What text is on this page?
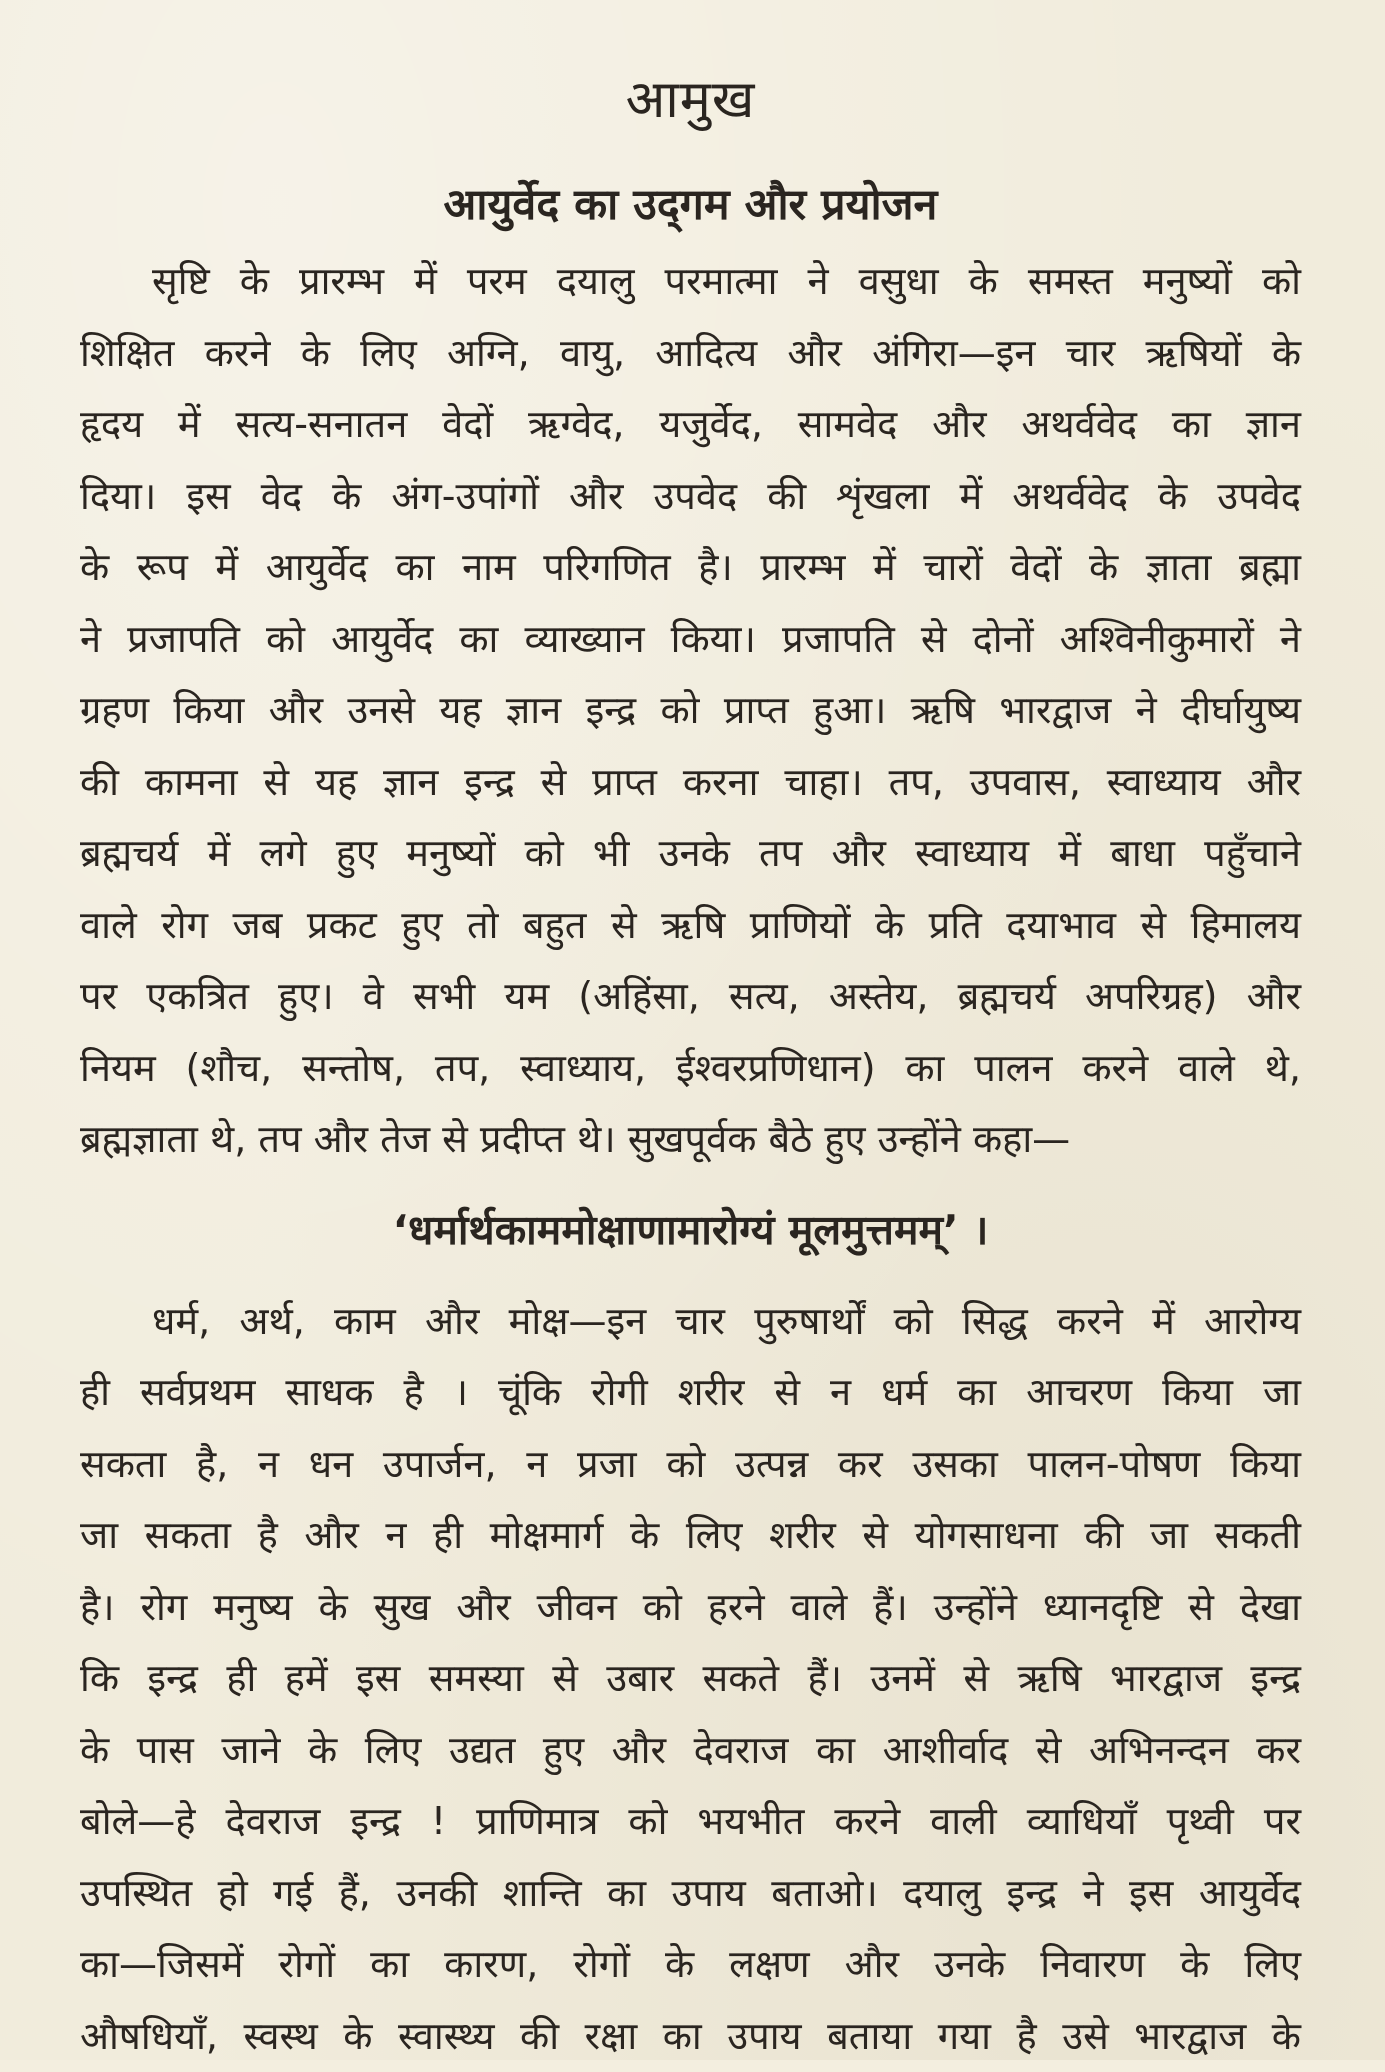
आमुख
आयुर्वेद का उद्‌गम और प्रयोजन

सृष्टि के प्रारम्भ में परम दयालु परमात्मा ने वसुधा के समस्त मनुष्यों को
शिक्षित करने के लिए अग्नि, वायु, आदित्य और अंगिरा—इन चार ऋषियों के
हृदय में सत्य-सनातन वेदों ऋग्वेद, यजुर्वेद, सामवेद और अथर्ववेद का ज्ञान
दिया। इस वेद के अंग-उपांगों और उपवेद की शृंखला में अथर्ववेद के उपवेद
के रूप में आयुर्वेद का नाम परिगणित है। प्रारम्भ में चारों वेदों के ज्ञाता ब्रह्मा
ने प्रजापति को आयुर्वेद का व्याख्यान किया। प्रजापति से दोनों अश्विनीकुमारों ने
ग्रहण किया और उनसे यह ज्ञान इन्द्र को प्राप्त हुआ। ऋषि भारद्वाज ने दीर्घायुष्य
की कामना से यह ज्ञान इन्द्र से प्राप्त करना चाहा। तप, उपवास, स्वाध्याय और
ब्रह्मचर्य में लगे हुए मनुष्यों को भी उनके तप और स्वाध्याय में बाधा पहुँचाने
वाले रोग जब प्रकट हुए तो बहुत से ऋषि प्राणियों के प्रति दयाभाव से हिमालय
पर एकत्रित हुए। वे सभी यम (अहिंसा, सत्य, अस्तेय, ब्रह्मचर्य अपरिग्रह) और
नियम (शौच, सन्तोष, तप, स्वाध्याय, ईश्वरप्रणिधान) का पालन करने वाले थे,
ब्रह्मज्ञाता थे, तप और तेज से प्रदीप्त थे। सुखपूर्वक बैठे हुए उन्होंने कहा—

‘धर्मार्थकाममोक्षाणामारोग्यं मूलमुत्तमम्’ ।

धर्म, अर्थ, काम और मोक्ष—इन चार पुरुषार्थों को सिद्ध करने में आरोग्य
ही सर्वप्रथम साधक है । चूंकि रोगी शरीर से न धर्म का आचरण किया जा
सकता है, न धन उपार्जन, न प्रजा को उत्पन्न कर उसका पालन-पोषण किया
जा सकता है और न ही मोक्षमार्ग के लिए शरीर से योगसाधना की जा सकती
है। रोग मनुष्य के सुख और जीवन को हरने वाले हैं। उन्होंने ध्यानदृष्टि से देखा
कि इन्द्र ही हमें इस समस्या से उबार सकते हैं। उनमें से ऋषि भारद्वाज इन्द्र
के पास जाने के लिए उद्यत हुए और देवराज का आशीर्वाद से अभिनन्दन कर
बोले—हे देवराज इन्द्र ! प्राणिमात्र को भयभीत करने वाली व्याधियाँ पृथ्वी पर
उपस्थित हो गई हैं, उनकी शान्ति का उपाय बताओ। दयालु इन्द्र ने इस आयुर्वेद
का—जिसमें रोगों का कारण, रोगों के लक्षण और उनके निवारण के लिए
औषधियाँ, स्वस्थ के स्वास्थ्य की रक्षा का उपाय बताया गया है उसे भारद्वाज के
